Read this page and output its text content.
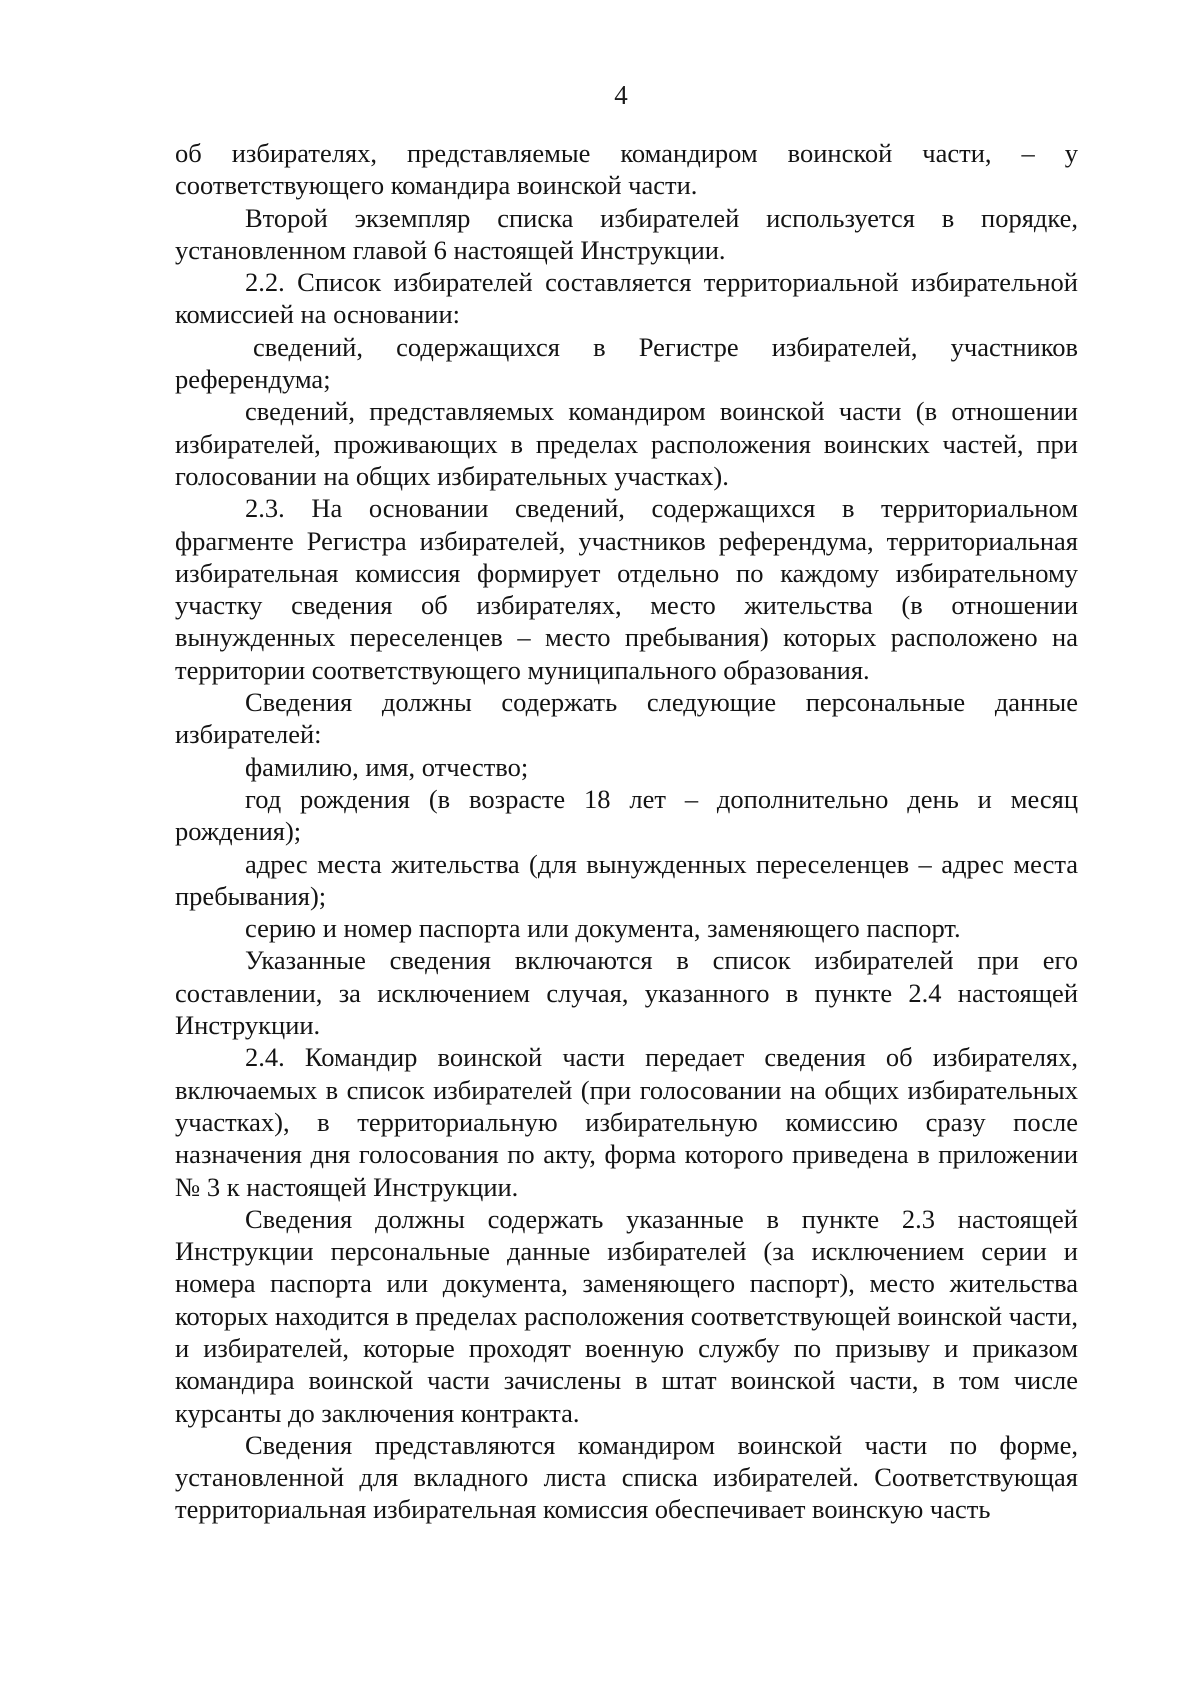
4

об избирателях, представляемые командиром воинской части, – у соответствующего командира воинской части.

Второй экземпляр списка избирателей используется в порядке, установленном главой 6 настоящей Инструкции.

2.2. Список избирателей составляется территориальной избирательной комиссией на основании:

сведений, содержащихся в Регистре избирателей, участников референдума;

сведений, представляемых командиром воинской части (в отношении избирателей, проживающих в пределах расположения воинских частей, при голосовании на общих избирательных участках).

2.3. На основании сведений, содержащихся в территориальном фрагменте Регистра избирателей, участников референдума, территориальная избирательная комиссия формирует отдельно по каждому избирательному участку сведения об избирателях, место жительства (в отношении вынужденных переселенцев – место пребывания) которых расположено на территории соответствующего муниципального образования.

Сведения должны содержать следующие персональные данные избирателей:

фамилию, имя, отчество;

год рождения (в возрасте 18 лет – дополнительно день и месяц рождения);

адрес места жительства (для вынужденных переселенцев – адрес места пребывания);

серию и номер паспорта или документа, заменяющего паспорт.

Указанные сведения включаются в список избирателей при его составлении, за исключением случая, указанного в пункте 2.4 настоящей Инструкции.

2.4. Командир воинской части передает сведения об избирателях, включаемых в список избирателей (при голосовании на общих избирательных участках), в территориальную избирательную комиссию сразу после назначения дня голосования по акту, форма которого приведена в приложении № 3 к настоящей Инструкции.

Сведения должны содержать указанные в пункте 2.3 настоящей Инструкции персональные данные избирателей (за исключением серии и номера паспорта или документа, заменяющего паспорт), место жительства которых находится в пределах расположения соответствующей воинской части, и избирателей, которые проходят военную службу по призыву и приказом командира воинской части зачислены в штат воинской части, в том числе курсанты до заключения контракта.

Сведения представляются командиром воинской части по форме, установленной для вкладного листа списка избирателей. Соответствующая территориальная избирательная комиссия обеспечивает воинскую часть
